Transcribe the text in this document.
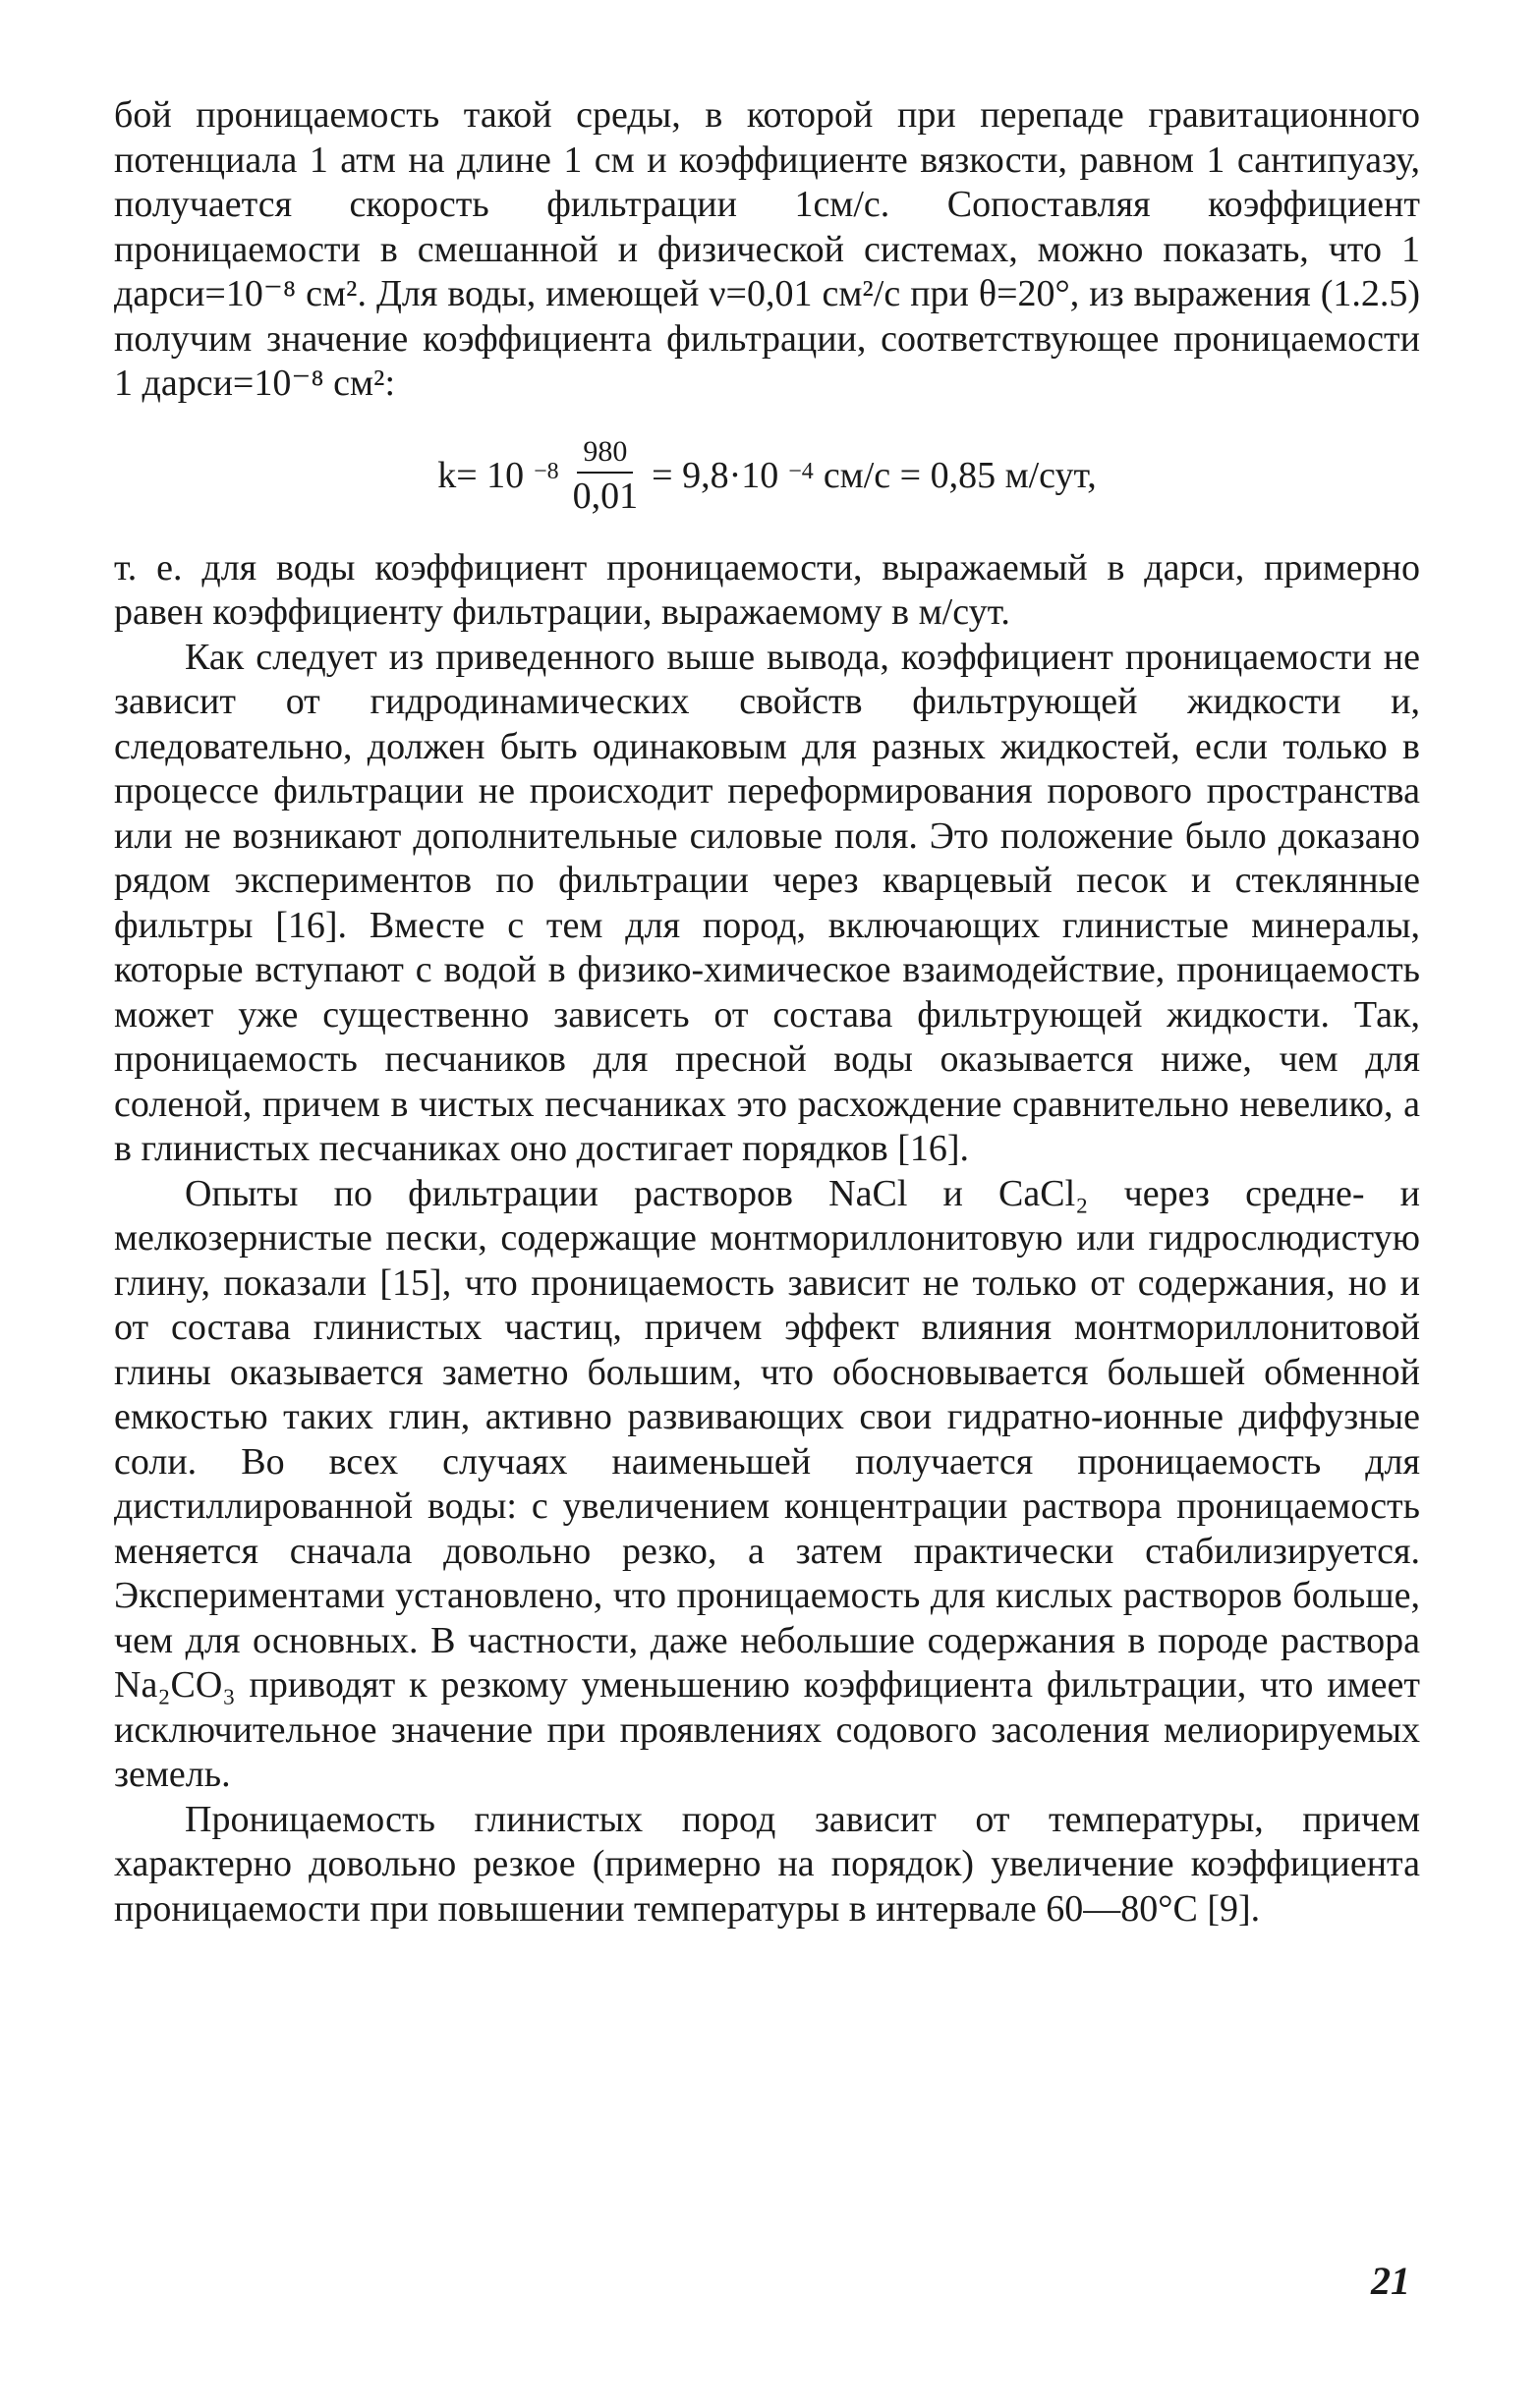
бой проницаемость такой среды, в которой при перепаде гравитационного потенциала 1 атм на длине 1 см и коэффициенте вязкости, равном 1 сантипуазу, получается скорость фильтрации 1см/с. Сопоставляя коэффициент проницаемости в смешанной и физической системах, можно показать, что 1 дарси=10⁻⁸ см². Для воды, имеющей ν=0,01 см²/с при θ=20°, из выражения (1.2.5) получим значение коэффициента фильтрации, соответствующее проницаемости 1 дарси=10⁻⁸ см²:

k= 10 $^{-8} \frac{980}{0,01} = 9,8\cdot 10$ $^{-4}$ см/с = 0,85 м/сут,

т. е. для воды коэффициент проницаемости, выражаемый в дарси, примерно равен коэффициенту фильтрации, выражаемому в м/сут.

Как следует из приведенного выше вывода, коэффициент проницаемости не зависит от гидродинамических свойств фильтрующей жидкости и, следовательно, должен быть одинаковым для разных жидкостей, если только в процессе фильтрации не происходит переформирования порового пространства или не возникают дополнительные силовые поля. Это положение было доказано рядом экспериментов по фильтрации через кварцевый песок и стеклянные фильтры [16]. Вместе с тем для пород, включающих глинистые минералы, которые вступают с водой в физико-химическое взаимодействие, проницаемость может уже существенно зависеть от состава фильтрующей жидкости. Так, проницаемость песчаников для пресной воды оказывается ниже, чем для соленой, причем в чистых песчаниках это расхождение сравнительно невелико, а в глинистых песчаниках оно достигает порядков [16].

Опыты по фильтрации растворов NaCl и CaCl₂ через средне- и мелкозернистые пески, содержащие монтмориллонитовую или гидрослюдистую глину, показали [15], что проницаемость зависит не только от содержания, но и от состава глинистых частиц, причем эффект влияния монтмориллонитовой глины оказывается заметно большим, что обосновывается большей обменной емкостью таких глин, активно развивающих свои гидратно-ионные диффузные соли. Во всех случаях наименьшей получается проницаемость для дистиллированной воды: с увеличением концентрации раствора проницаемость меняется сначала довольно резко, а затем практически стабилизируется. Экспериментами установлено, что проницаемость для кислых растворов больше, чем для основных. В частности, даже небольшие содержания в породе раствора Na₂CO₃ приводят к резкому уменьшению коэффициента фильтрации, что имеет исключительное значение при проявлениях содового засоления мелиорируемых земель.

Проницаемость глинистых пород зависит от температуры, причем характерно довольно резкое (примерно на порядок) увеличение коэффициента проницаемости при повышении температуры в интервале 60—80°С [9].

21
